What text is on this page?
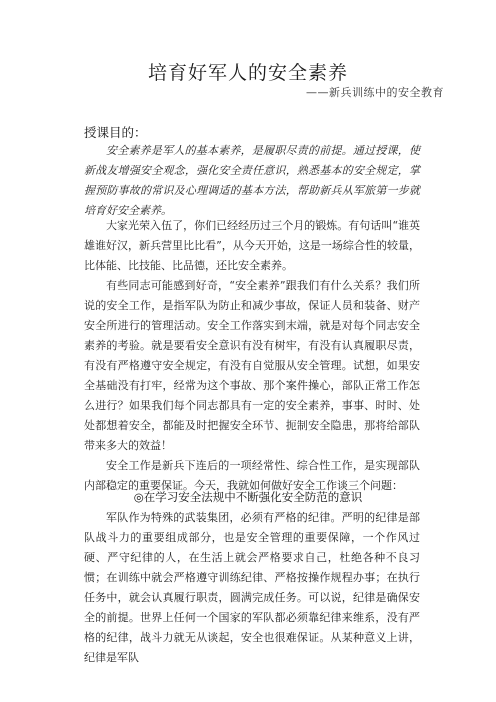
培育好军人的安全素养
——新兵训练中的安全教育
授课目的：

安全素养是军人的基本素养，是履职尽责的前提。通过授课，使新战友增强安全观念，强化安全责任意识，熟悉基本的安全规定，掌握预防事故的常识及心理调适的基本方法，帮助新兵从军旅第一步就培育好安全素养。

大家光荣入伍了，你们已经经历过三个月的锻炼。有句话叫“谁英雄谁好汉，新兵营里比比看”，从今天开始，这是一场综合性的较量，比体能、比技能、比品德，还比安全素养。

有些同志可能感到好奇，“安全素养”跟我们有什么关系？我们所说的安全工作，是指军队为防止和减少事故，保证人员和装备、财产安全所进行的管理活动。安全工作落实到末端，就是对每个同志安全素养的考验。就是要看安全意识有没有树牢，有没有认真履职尽责，有没有严格遵守安全规定，有没有自觉服从安全管理。试想，如果安全基础没有打牢，经常为这个事故、那个案件操心，部队正常工作怎么进行？如果我们每个同志都具有一定的安全素养，事事、时时、处处都想着安全，都能及时把握安全环节、扼制安全隐患，那将给部队带来多大的效益！

安全工作是新兵下连后的一项经常性、综合性工作，是实现部队内部稳定的重要保证。今天，我就如何做好安全工作谈三个问题：

◎在学习安全法规中不断强化安全防范的意识

军队作为特殊的武装集团，必须有严格的纪律。严明的纪律是部队战斗力的重要组成部分，也是安全管理的重要保障，一个作风过硬、严守纪律的人，在生活上就会严格要求自己，杜绝各种不良习惯；在训练中就会严格遵守训练纪律、严格按操作规程办事；在执行任务中，就会认真履行职责，圆满完成任务。可以说，纪律是确保安全的前提。世界上任何一个国家的军队都必须靠纪律来维系，没有严格的纪律，战斗力就无从谈起，安全也很难保证。从某种意义上讲，纪律是军队
